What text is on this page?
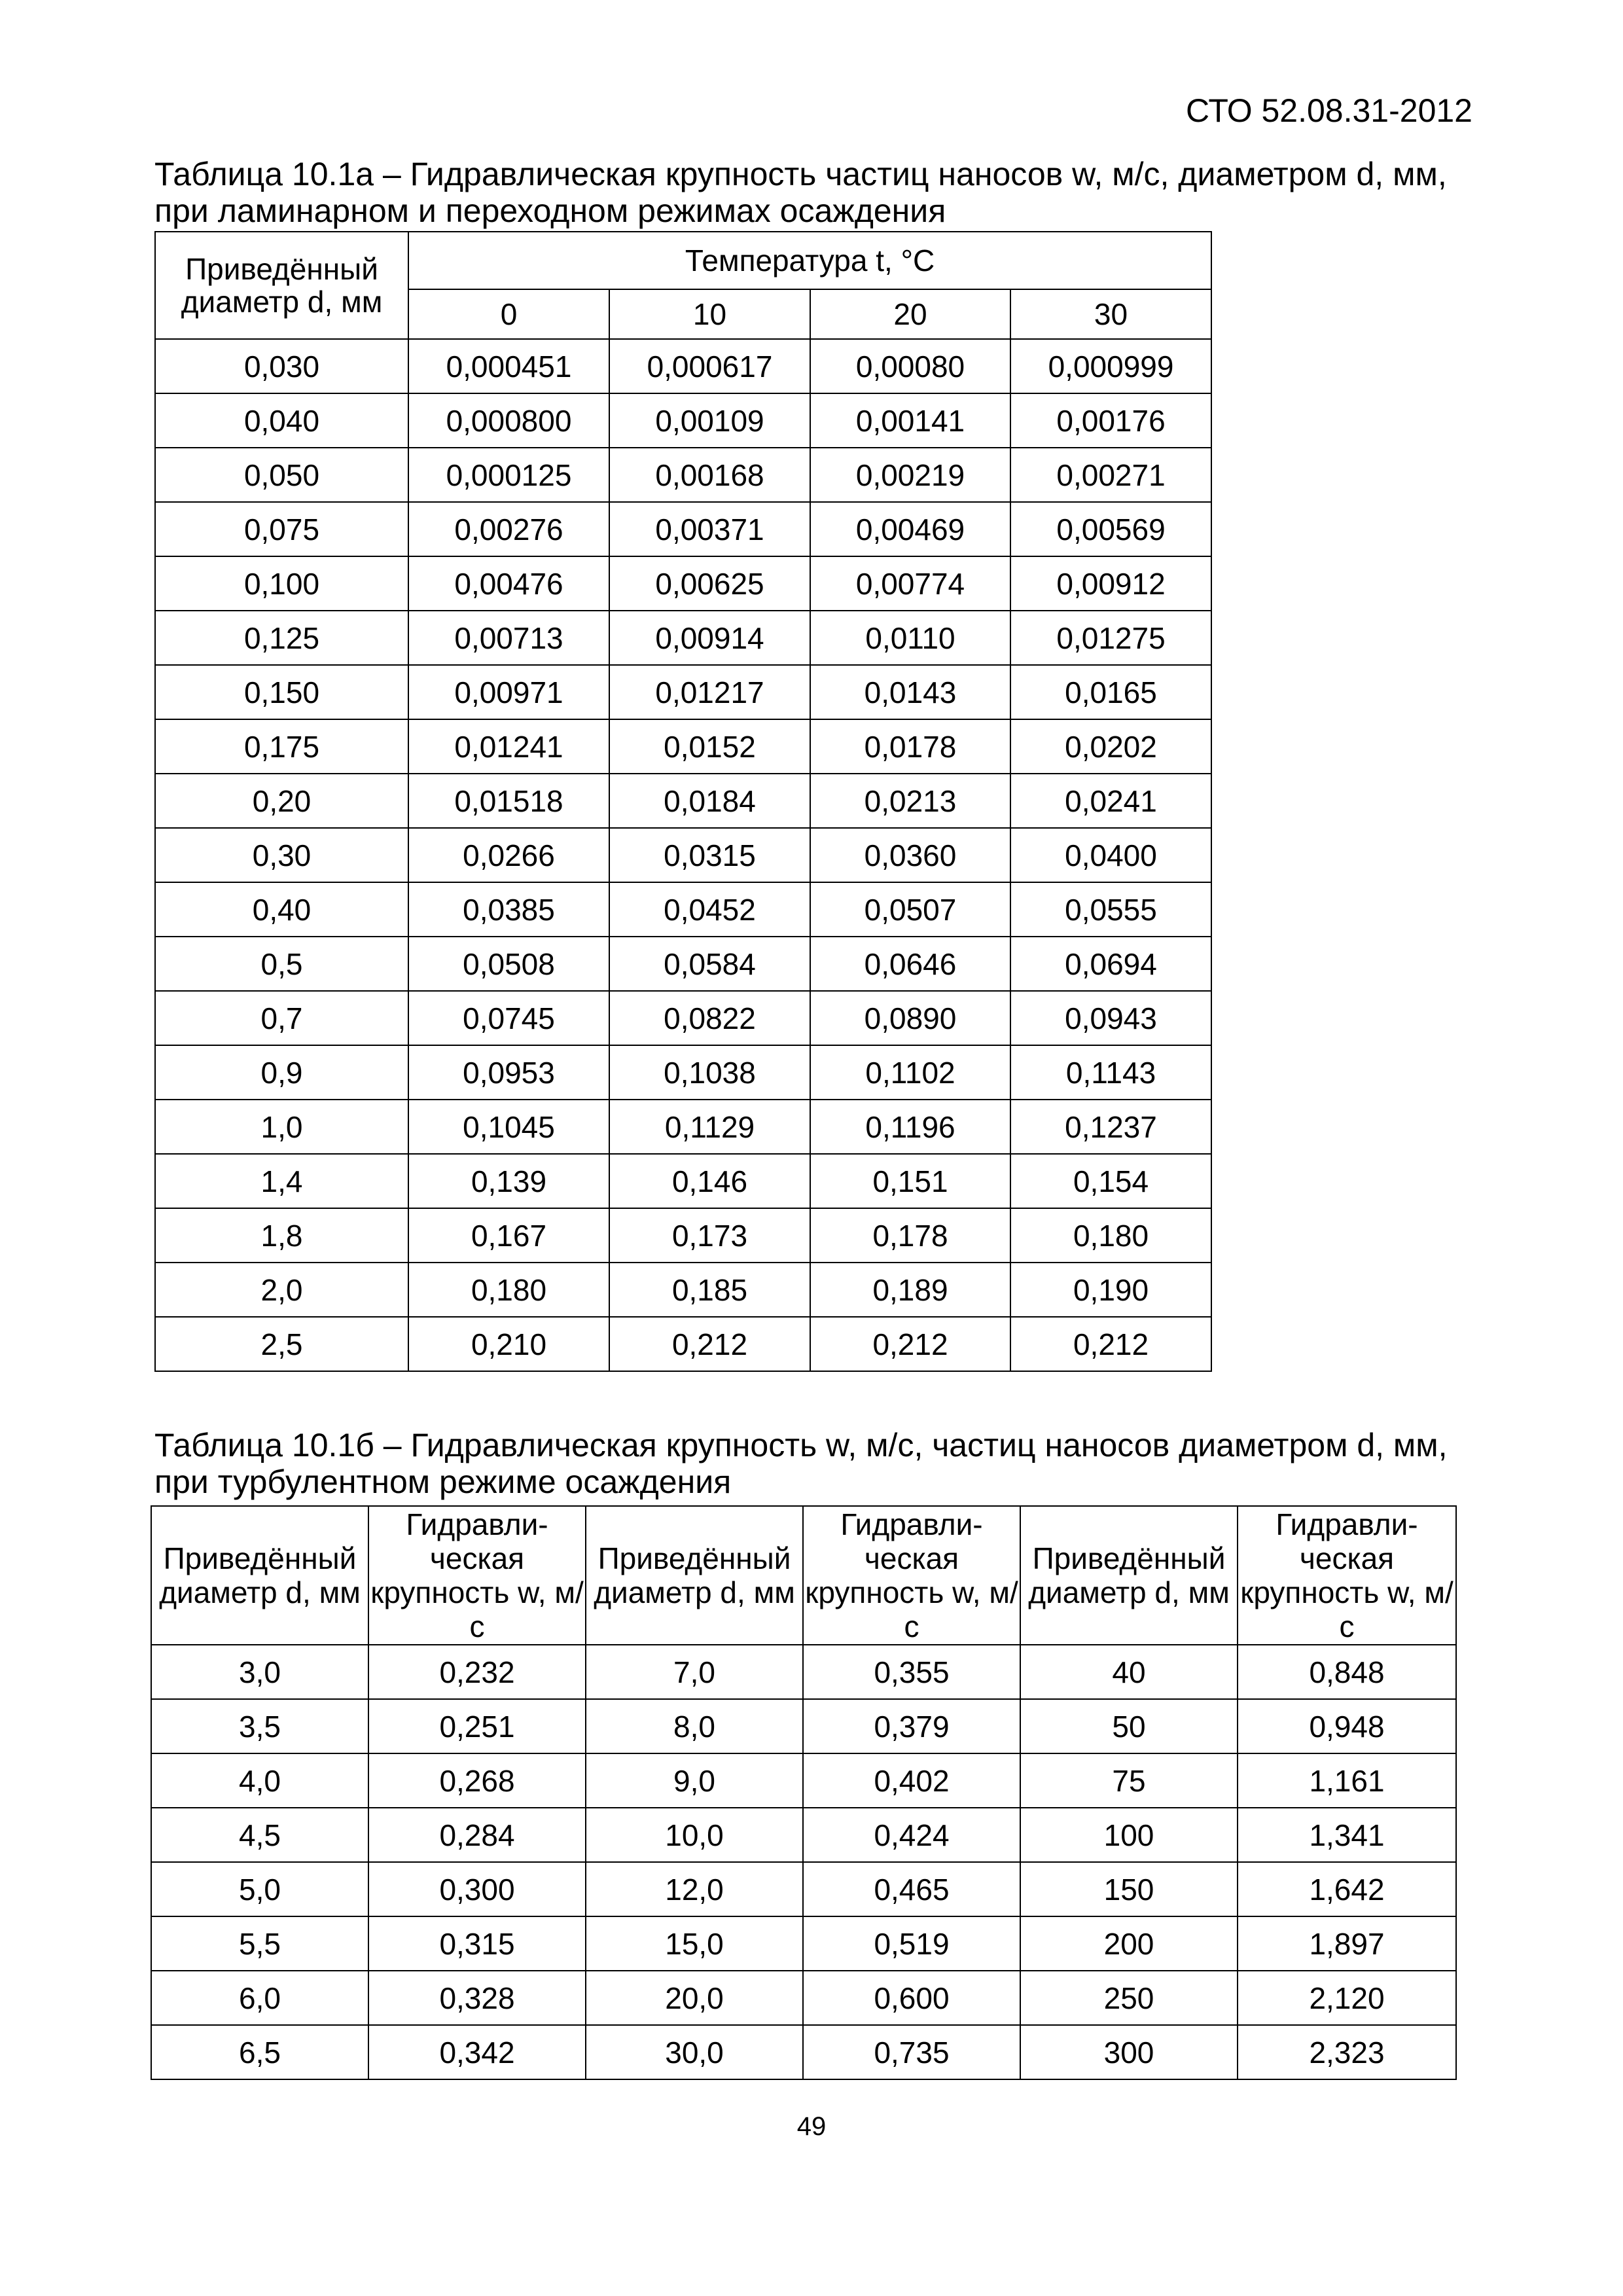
СТО 52.08.31-2012
Таблица 10.1а – Гидравлическая крупность частиц наносов w, м/с, диаметром d, мм, при ламинарном и переходном режимах осаждения
Приведённый диаметр d, мм	Температура t, °С			
	0	10	20	30
0,030	0,000451	0,000617	0,00080	0,000999
0,040	0,000800	0,00109	0,00141	0,00176
0,050	0,000125	0,00168	0,00219	0,00271
0,075	0,00276	0,00371	0,00469	0,00569
0,100	0,00476	0,00625	0,00774	0,00912
0,125	0,00713	0,00914	0,0110	0,01275
0,150	0,00971	0,01217	0,0143	0,0165
0,175	0,01241	0,0152	0,0178	0,0202
0,20	0,01518	0,0184	0,0213	0,0241
0,30	0,0266	0,0315	0,0360	0,0400
0,40	0,0385	0,0452	0,0507	0,0555
0,5	0,0508	0,0584	0,0646	0,0694
0,7	0,0745	0,0822	0,0890	0,0943
0,9	0,0953	0,1038	0,1102	0,1143
1,0	0,1045	0,1129	0,1196	0,1237
1,4	0,139	0,146	0,151	0,154
1,8	0,167	0,173	0,178	0,180
2,0	0,180	0,185	0,189	0,190
2,5	0,210	0,212	0,212	0,212
Таблица 10.1б – Гидравлическая крупность w, м/с, частиц наносов диаметром d, мм, при турбулентном режиме осаждения
Приведённый диаметр d, мм	Гидравли-ческая крупность w, м/с	Приведённый диаметр d, мм	Гидравли-ческая крупность w, м/с	Приведённый диаметр d, мм	Гидравли-ческая крупность w, м/с
3,0	0,232	7,0	0,355	40	0,848
3,5	0,251	8,0	0,379	50	0,948
4,0	0,268	9,0	0,402	75	1,161
4,5	0,284	10,0	0,424	100	1,341
5,0	0,300	12,0	0,465	150	1,642
5,5	0,315	15,0	0,519	200	1,897
6,0	0,328	20,0	0,600	250	2,120
6,5	0,342	30,0	0,735	300	2,323
49
